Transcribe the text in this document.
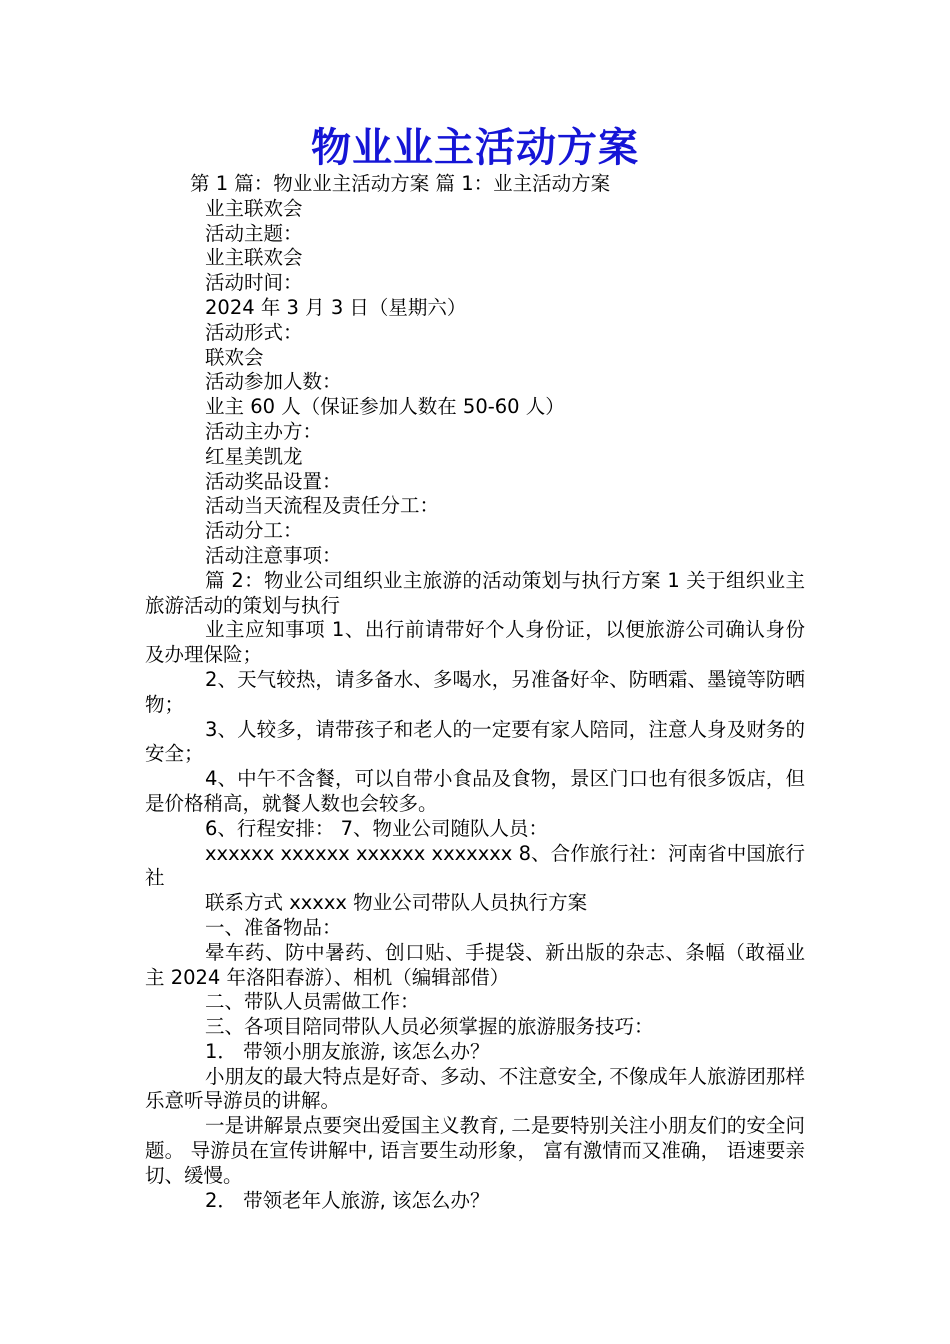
物业业主活动方案

第 1 篇：物业业主活动方案 篇 1：业主活动方案

业主联欢会

活动主题：

业主联欢会

活动时间：

2024 年 3 月 3 日（星期六）

活动形式：

联欢会

活动参加人数：

业主 60 人（保证参加人数在 50-60 人）

活动主办方：

红星美凯龙

活动奖品设置：

活动当天流程及责任分工：

活动分工：

活动注意事项：

篇 2：物业公司组织业主旅游的活动策划与执行方案 1 关于组织业主旅游活动的策划与执行

业主应知事项 1、出行前请带好个人身份证，以便旅游公司确认身份及办理保险；

2、天气较热，请多备水、多喝水，另准备好伞、防晒霜、墨镜等防晒物；

3、人较多，请带孩子和老人的一定要有家人陪同，注意人身及财务的安全；

4、中午不含餐，可以自带小食品及食物，景区门口也有很多饭店，但是价格稍高，就餐人数也会较多。

6、行程安排： 7、物业公司随队人员：

xxxxxx xxxxxx xxxxxx xxxxxxx 8、合作旅行社：河南省中国旅行社

联系方式 xxxxx 物业公司带队人员执行方案

一、准备物品：

晕车药、防中暑药、创口贴、手提袋、新出版的杂志、条幅（敢福业主 2024 年洛阳春游）、相机（编辑部借）

二、带队人员需做工作：

三、各项目陪同带队人员必须掌握的旅游服务技巧：

1． 带领小朋友旅游, 该怎么办？

小朋友的最大特点是好奇、多动、不注意安全, 不像成年人旅游团那样乐意听导游员的讲解。

一是讲解景点要突出爱国主义教育, 二是要特别关注小朋友们的安全问题。 导游员在宣传讲解中, 语言要生动形象， 富有激情而又准确， 语速要亲切、缓慢。

2． 带领老年人旅游, 该怎么办？
